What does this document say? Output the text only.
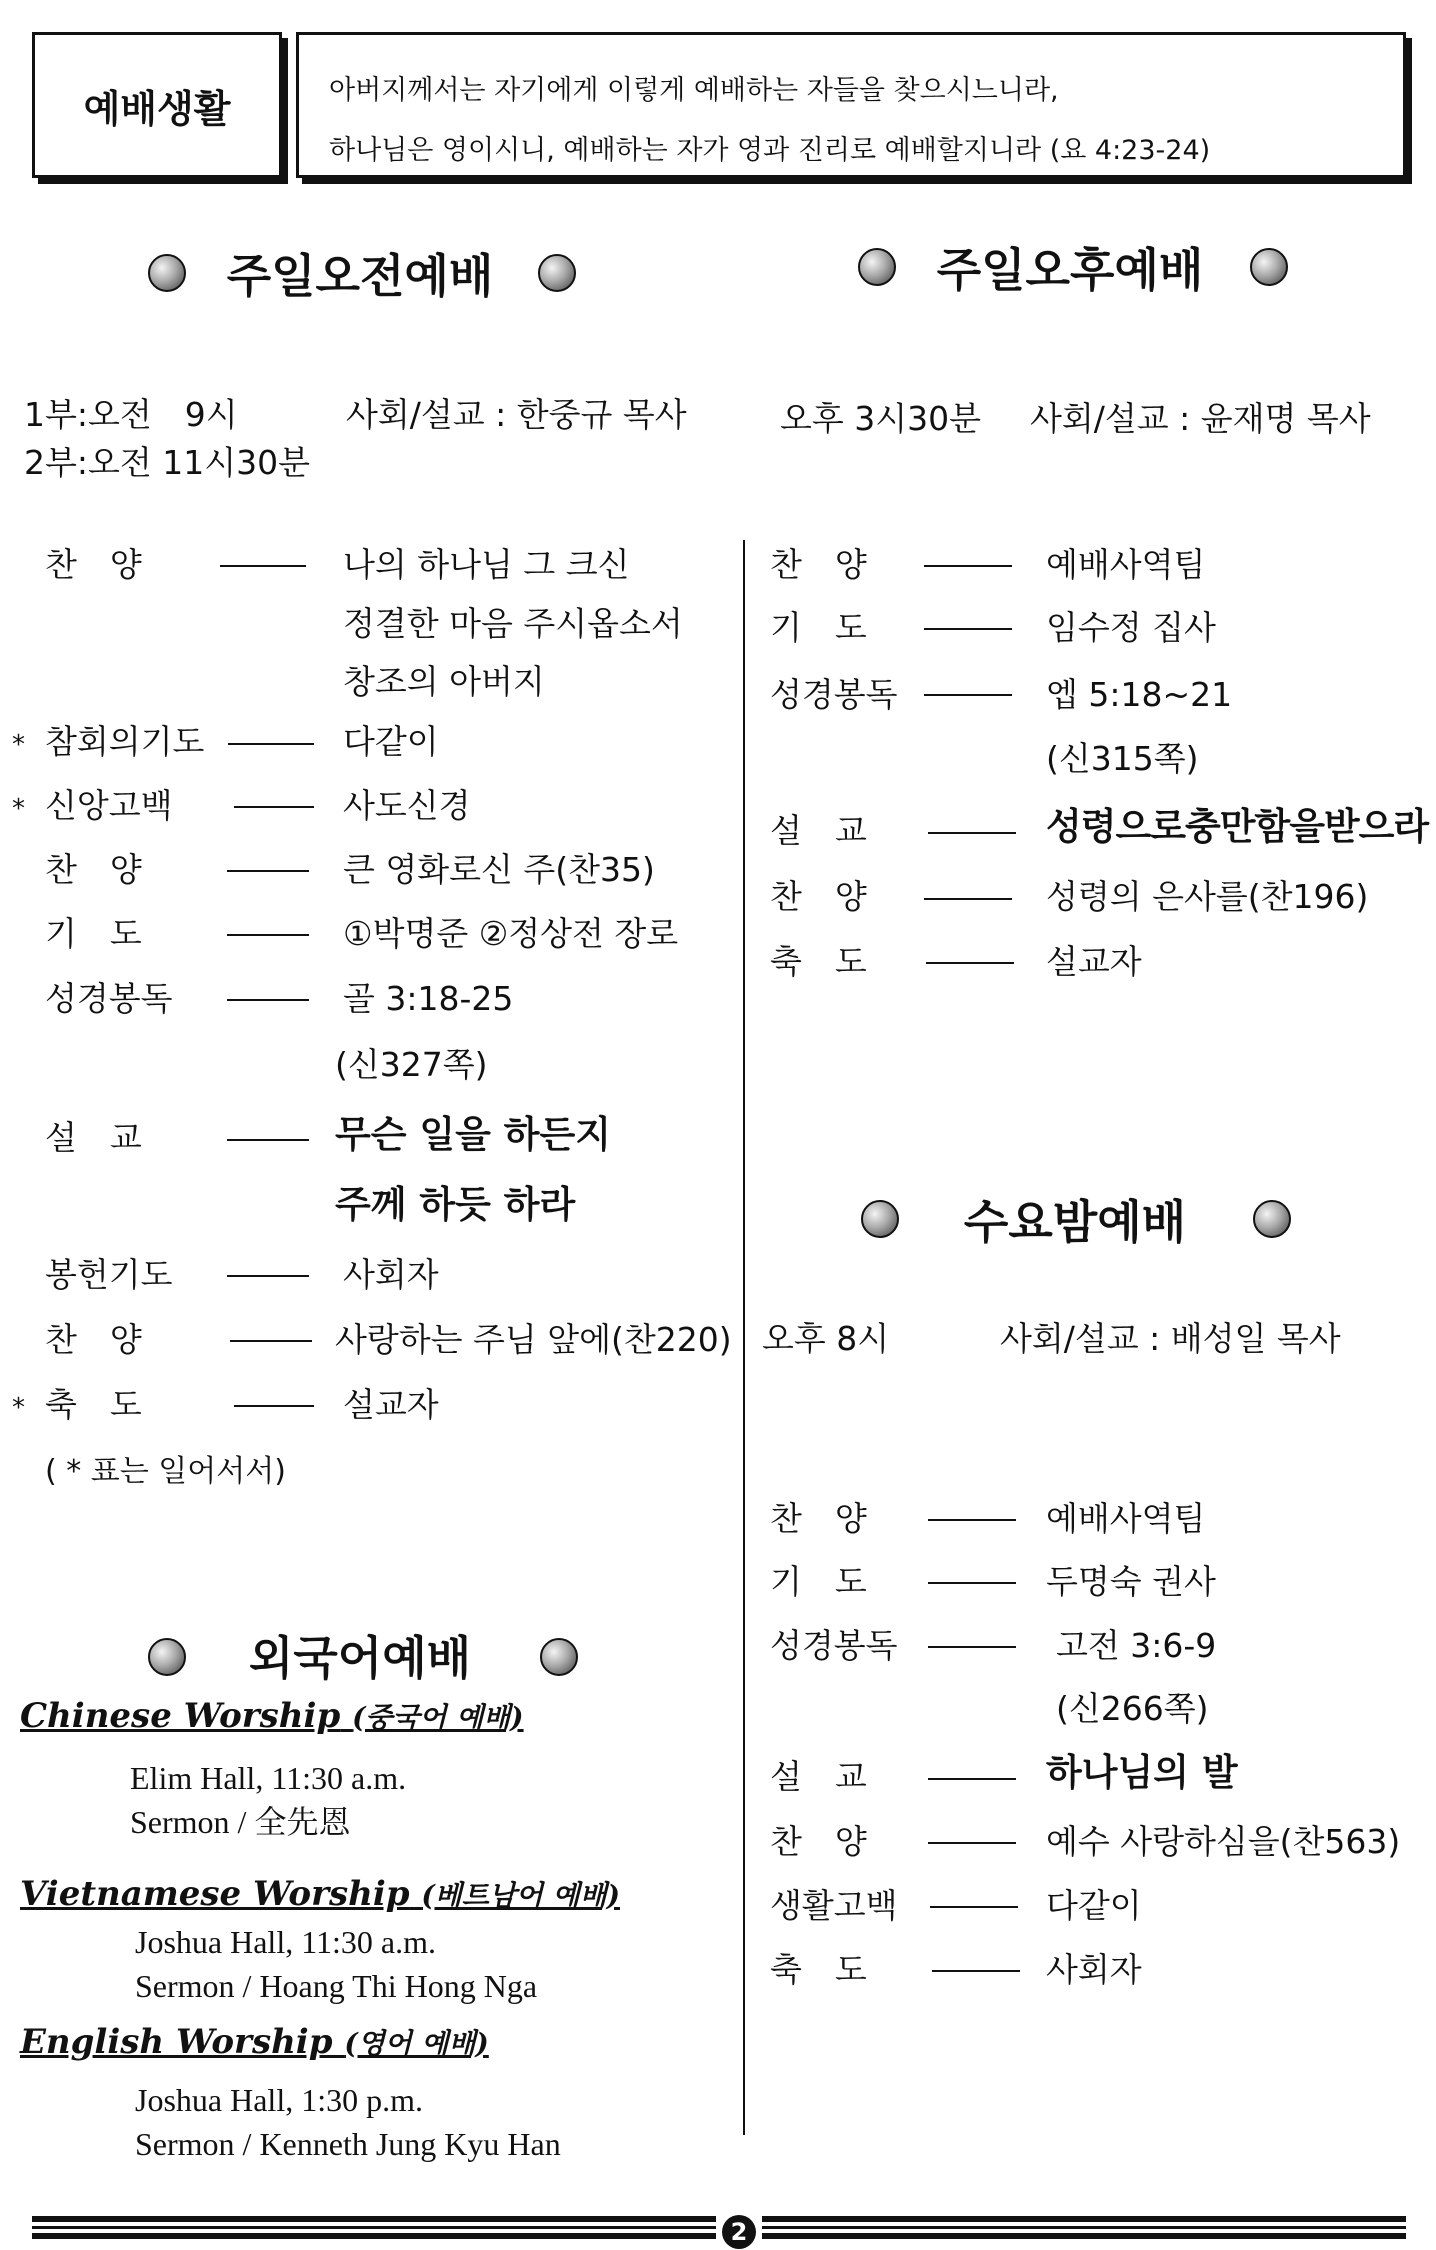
예배생활	아버지께서는 자기에게 이렇게 예배하는 자들을 찾으시느니라,
하나님은 영이시니, 예배하는 자가 영과 진리로 예배할지니라 (요 4:23-24)
주일오전예배	주일오후예배
1부:오전　9시	사회/설교 : 한중규 목사
2부:오전 11시30분
오후 3시30분 사회/설교 : 윤재명 목사
찬　양	나의 하나님 그 크신
정결한 마음 주시옵소서
창조의 아버지
* 참회의기도	다같이
* 신앙고백	사도신경
찬　양	큰 영화로신 주(찬35)
기　도	①박명준 ②정상전 장로
성경봉독	골 3:18-25
(신327쪽)
설　교	무슨 일을 하든지
주께 하듯 하라
봉헌기도	사회자
찬　양	사랑하는 주님 앞에(찬220)
* 축　도	설교자
( * 표는 일어서서)
찬　양	예배사역팀
기　도	임수정 집사
성경봉독	엡 5:18~21
(신315쪽)
설　교	성령으로충만함을받으라
찬　양	성령의 은사를(찬196)
축　도	설교자
수요밤예배
오후 8시	사회/설교 : 배성일 목사
찬　양	예배사역팀
기　도	두명숙 권사
성경봉독	고전 3:6-9
(신266쪽)
설　교	하나님의 발
찬　양	예수 사랑하심을(찬563)
생활고백	다같이
축　도	사회자
외국어예배
Chinese Worship (중국어 예배)
Elim Hall, 11:30 a.m.
Sermon / 全先恩
Vietnamese Worship (베트남어 예배)
Joshua Hall, 11:30 a.m.
Sermon / Hoang Thi Hong Nga
English Worship (영어 예배)
Joshua Hall, 1:30 p.m.
Sermon / Kenneth Jung Kyu Han
2
